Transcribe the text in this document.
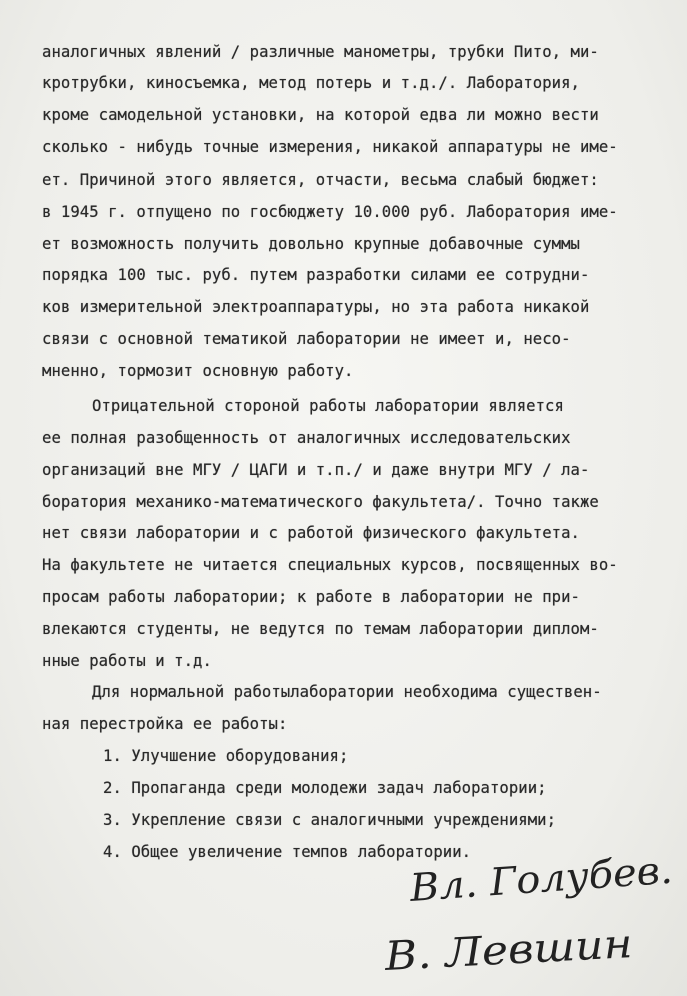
аналогичных явлений / различные манометры, трубки Пито, ми-
кротрубки, киносъемка, метод потерь и т.д./. Лаборатория,
кроме самодельной установки, на которой едва ли можно вести
сколько - нибудь точные измерения, никакой аппаратуры не име-
ет. Причиной этого является, отчасти, весьма слабый бюджет:
в 1945 г. отпущено по госбюджету 10.000 руб. Лаборатория име-
ет возможность получить довольно крупные добавочные суммы
порядка 100 тыс. руб. путем разработки силами ее сотрудни-
ков измерительной электроаппаратуры, но эта работа никакой
связи с основной тематикой лаборатории не имеет и, несо-
мненно, тормозит основную работу.
Отрицательной стороной работы лаборатории является
ее полная разобщенность от аналогичных исследовательских
организаций вне МГУ / ЦАГИ и т.п./ и даже внутри МГУ / ла-
боратория механико-математического факультета/. Точно также
нет связи лаборатории и с работой физического факультета.
На факультете не читается специальных курсов, посвященных во-
просам работы лаборатории; к работе в лаборатории не при-
влекаются студенты, не ведутся по темам лаборатории диплом-
нные работы и т.д.
Для нормальной работылаборатории необходима существен-
ная перестройка ее работы:
1. Улучшение оборудования;
2. Пропаганда среди молодежи задач лаборатории;
3. Укрепление связи с аналогичными учреждениями;
4. Общее увеличение темпов лаборатории.
Вл. Голубев.
В. Левшин
